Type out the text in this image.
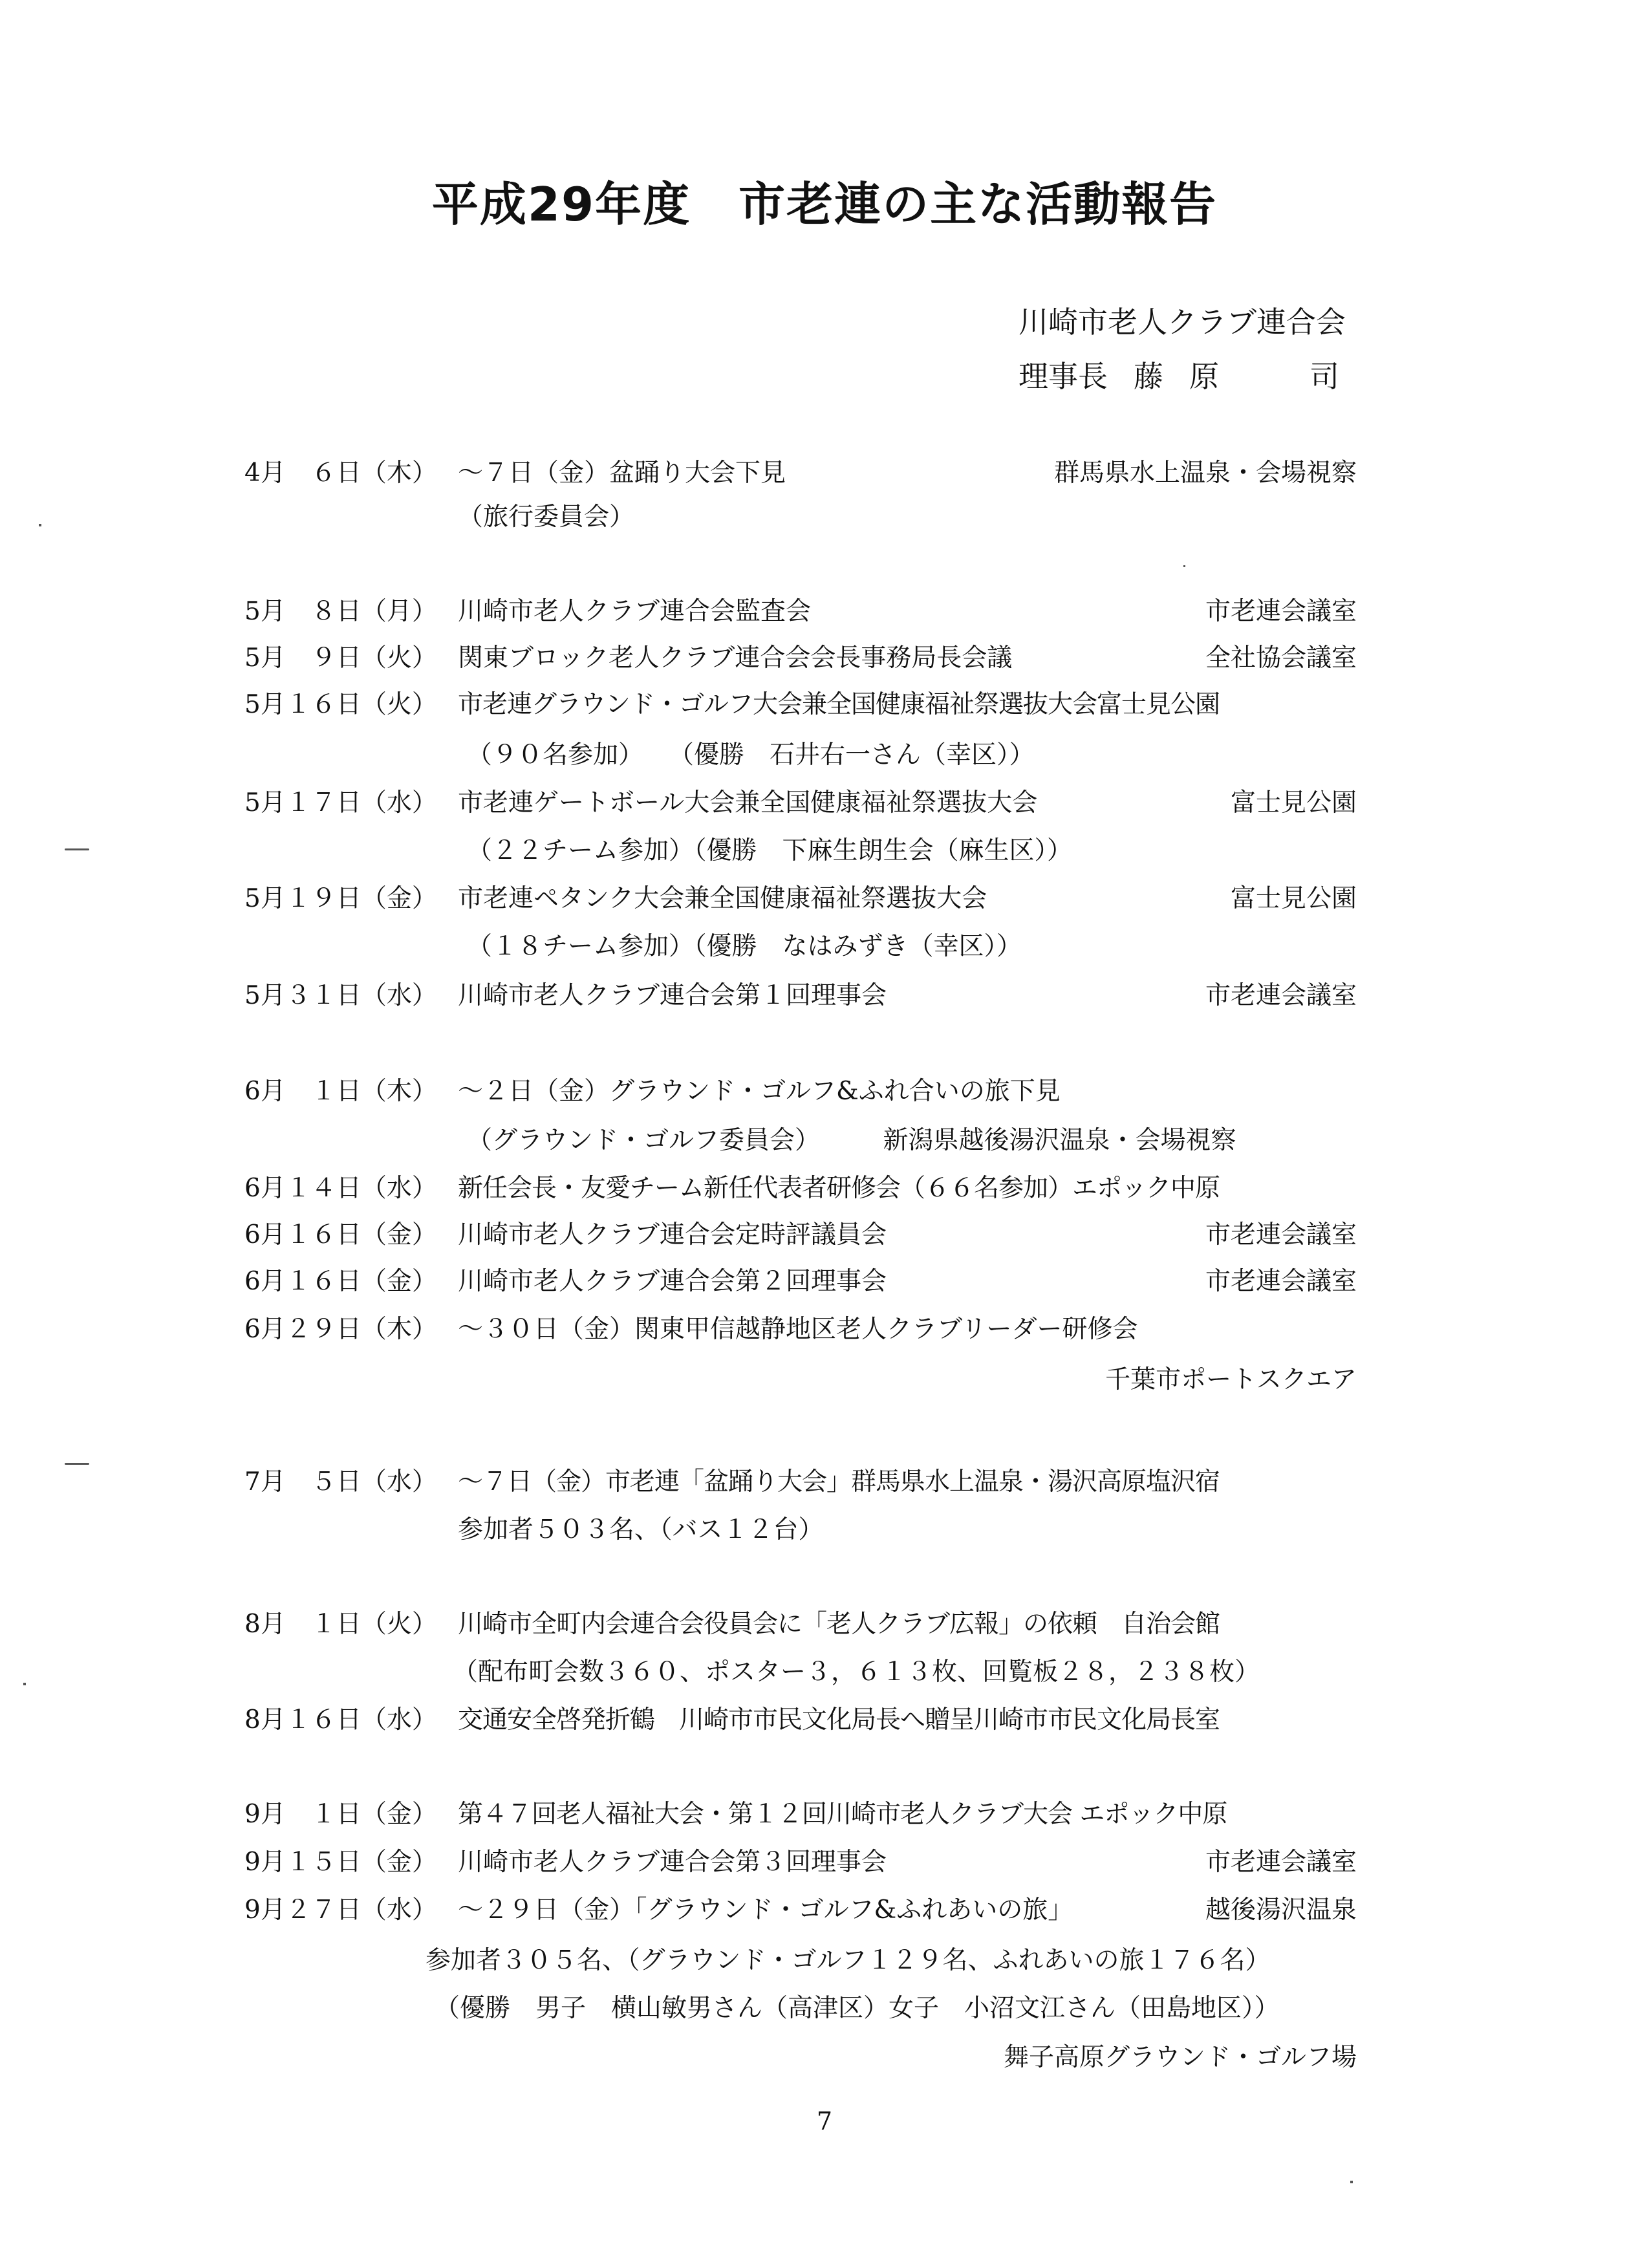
平成29年度　市老連の主な活動報告
川崎市老人クラブ連合会
理事長 藤 原	司
4月　６日（木） ～７日（金）盆踊り大会下見	群馬県水上温泉・会場視察
（旅行委員会）
5月　８日（月） 川崎市老人クラブ連合会監査会	市老連会議室
5月　９日（火） 関東ブロック老人クラブ連合会会長事務局長会議	全社協会議室
5月１６日（火） 市老連グラウンド・ゴルフ大会兼全国健康福祉祭選抜大会富士見公園
（９０名参加）　　（優勝　石井右一さん（幸区））
5月１７日（水） 市老連ゲートボール大会兼全国健康福祉祭選抜大会	富士見公園
（２２チーム参加）（優勝　下麻生朗生会（麻生区））
5月１９日（金） 市老連ペタンク大会兼全国健康福祉祭選抜大会	富士見公園
（１８チーム参加）（優勝　なはみずき（幸区））
5月３１日（水） 川崎市老人クラブ連合会第１回理事会	市老連会議室
6月　１日（木） ～２日（金）グラウンド・ゴルフ&ふれ合いの旅下見
（グラウンド・ゴルフ委員会）　　　新潟県越後湯沢温泉・会場視察
6月１４日（水） 新任会長・友愛チーム新任代表者研修会（６６名参加）エポック中原
6月１６日（金） 川崎市老人クラブ連合会定時評議員会	市老連会議室
6月１６日（金） 川崎市老人クラブ連合会第２回理事会	市老連会議室
6月２９日（木） ～３０日（金）関東甲信越静地区老人クラブリーダー研修会
千葉市ポートスクエア
7月　５日（水） ～７日（金）市老連「盆踊り大会」群馬県水上温泉・湯沢高原塩沢宿
参加者５０３名、（バス１２台）
8月　１日（火） 川崎市全町内会連合会役員会に「老人クラブ広報」の依頼　自治会館
（配布町会数３６０、ポスター３，６１３枚、回覧板２８，２３８枚）
8月１６日（水） 交通安全啓発折鶴　川崎市市民文化局長へ贈呈川崎市市民文化局長室
9月　１日（金） 第４７回老人福祉大会・第１２回川崎市老人クラブ大会 エポック中原
9月１５日（金） 川崎市老人クラブ連合会第３回理事会	市老連会議室
9月２７日（水） ～２９日（金）「グラウンド・ゴルフ&ふれあいの旅」	越後湯沢温泉
参加者３０５名、（グラウンド・ゴルフ１２９名、ふれあいの旅１７６名）
（優勝　男子　横山敏男さん（高津区）女子　小沼文江さん（田島地区））
舞子高原グラウンド・ゴルフ場
7
